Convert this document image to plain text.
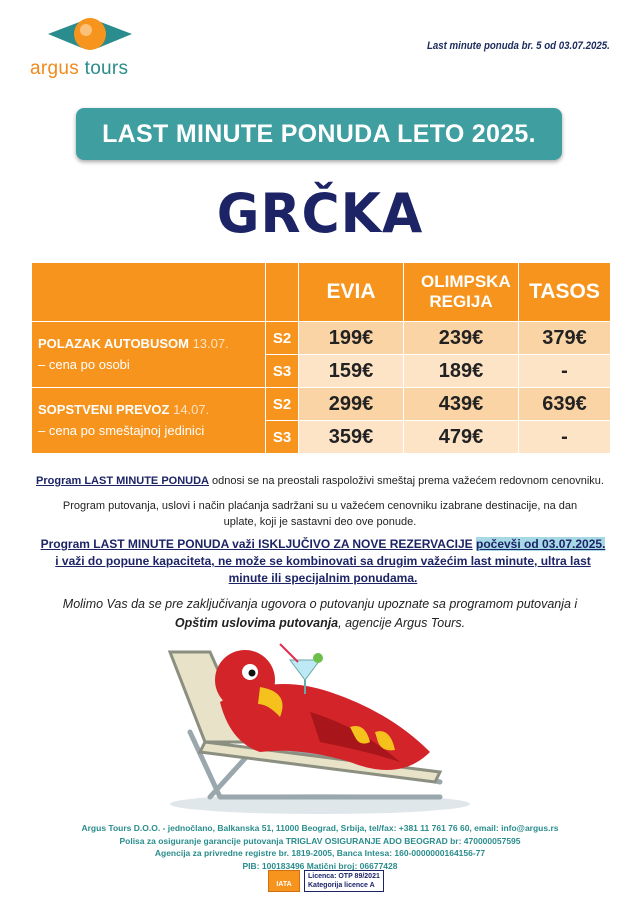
argus tours
Last minute ponuda br. 5 od 03.07.2025.
LAST MINUTE PONUDA LETO 2025.
GRČKA
		EVIA	OLIMPSKA REGIJA	TASOS
POLAZAK AUTOBUSOM 13.07.
– cena po osobi	S2	199€	239€	379€
	S3	159€	189€	-
SOPSTVENI PREVOZ 14.07.
– cena po smeštajnoj jedinici	S2	299€	439€	639€
	S3	359€	479€	-
Program LAST MINUTE PONUDA odnosi se na preostali raspoloživi smeštaj prema važećem redovnom cenovniku.
Program putovanja, uslovi i način plaćanja sadržani su u važećem cenovniku izabrane destinacije, na dan uplate, koji je sastavni deo ove ponude.
Program LAST MINUTE PONUDA važi ISKLJUČIVO ZA NOVE REZERVACIJE počevši od 03.07.2025. i važi do popune kapaciteta, ne može se kombinovati sa drugim važećim last minute, ultra last minute ili specijalnim ponudama.
Molimo Vas da se pre zaključivanja ugovora o putovanju upoznate sa programom putovanja i Opštim uslovima putovanja, agencije Argus Tours.
Argus Tours D.O.O. - jednočlano, Balkanska 51, 11000 Beograd, Srbija, tel/fax: +381 11 761 76 60, email: info@argus.rs
Polisa za osiguranje garancije putovanja TRIGLAV OSIGURANJE ADO BEOGRAD br: 470000057595
Agencija za privredne registre br. 1819-2005, Banca Intesa: 160-0000000164156-77
PIB: 100183496 Matični broj: 06677428
IATA
Licenca: OTP 89/2021
Kategorija licence A
